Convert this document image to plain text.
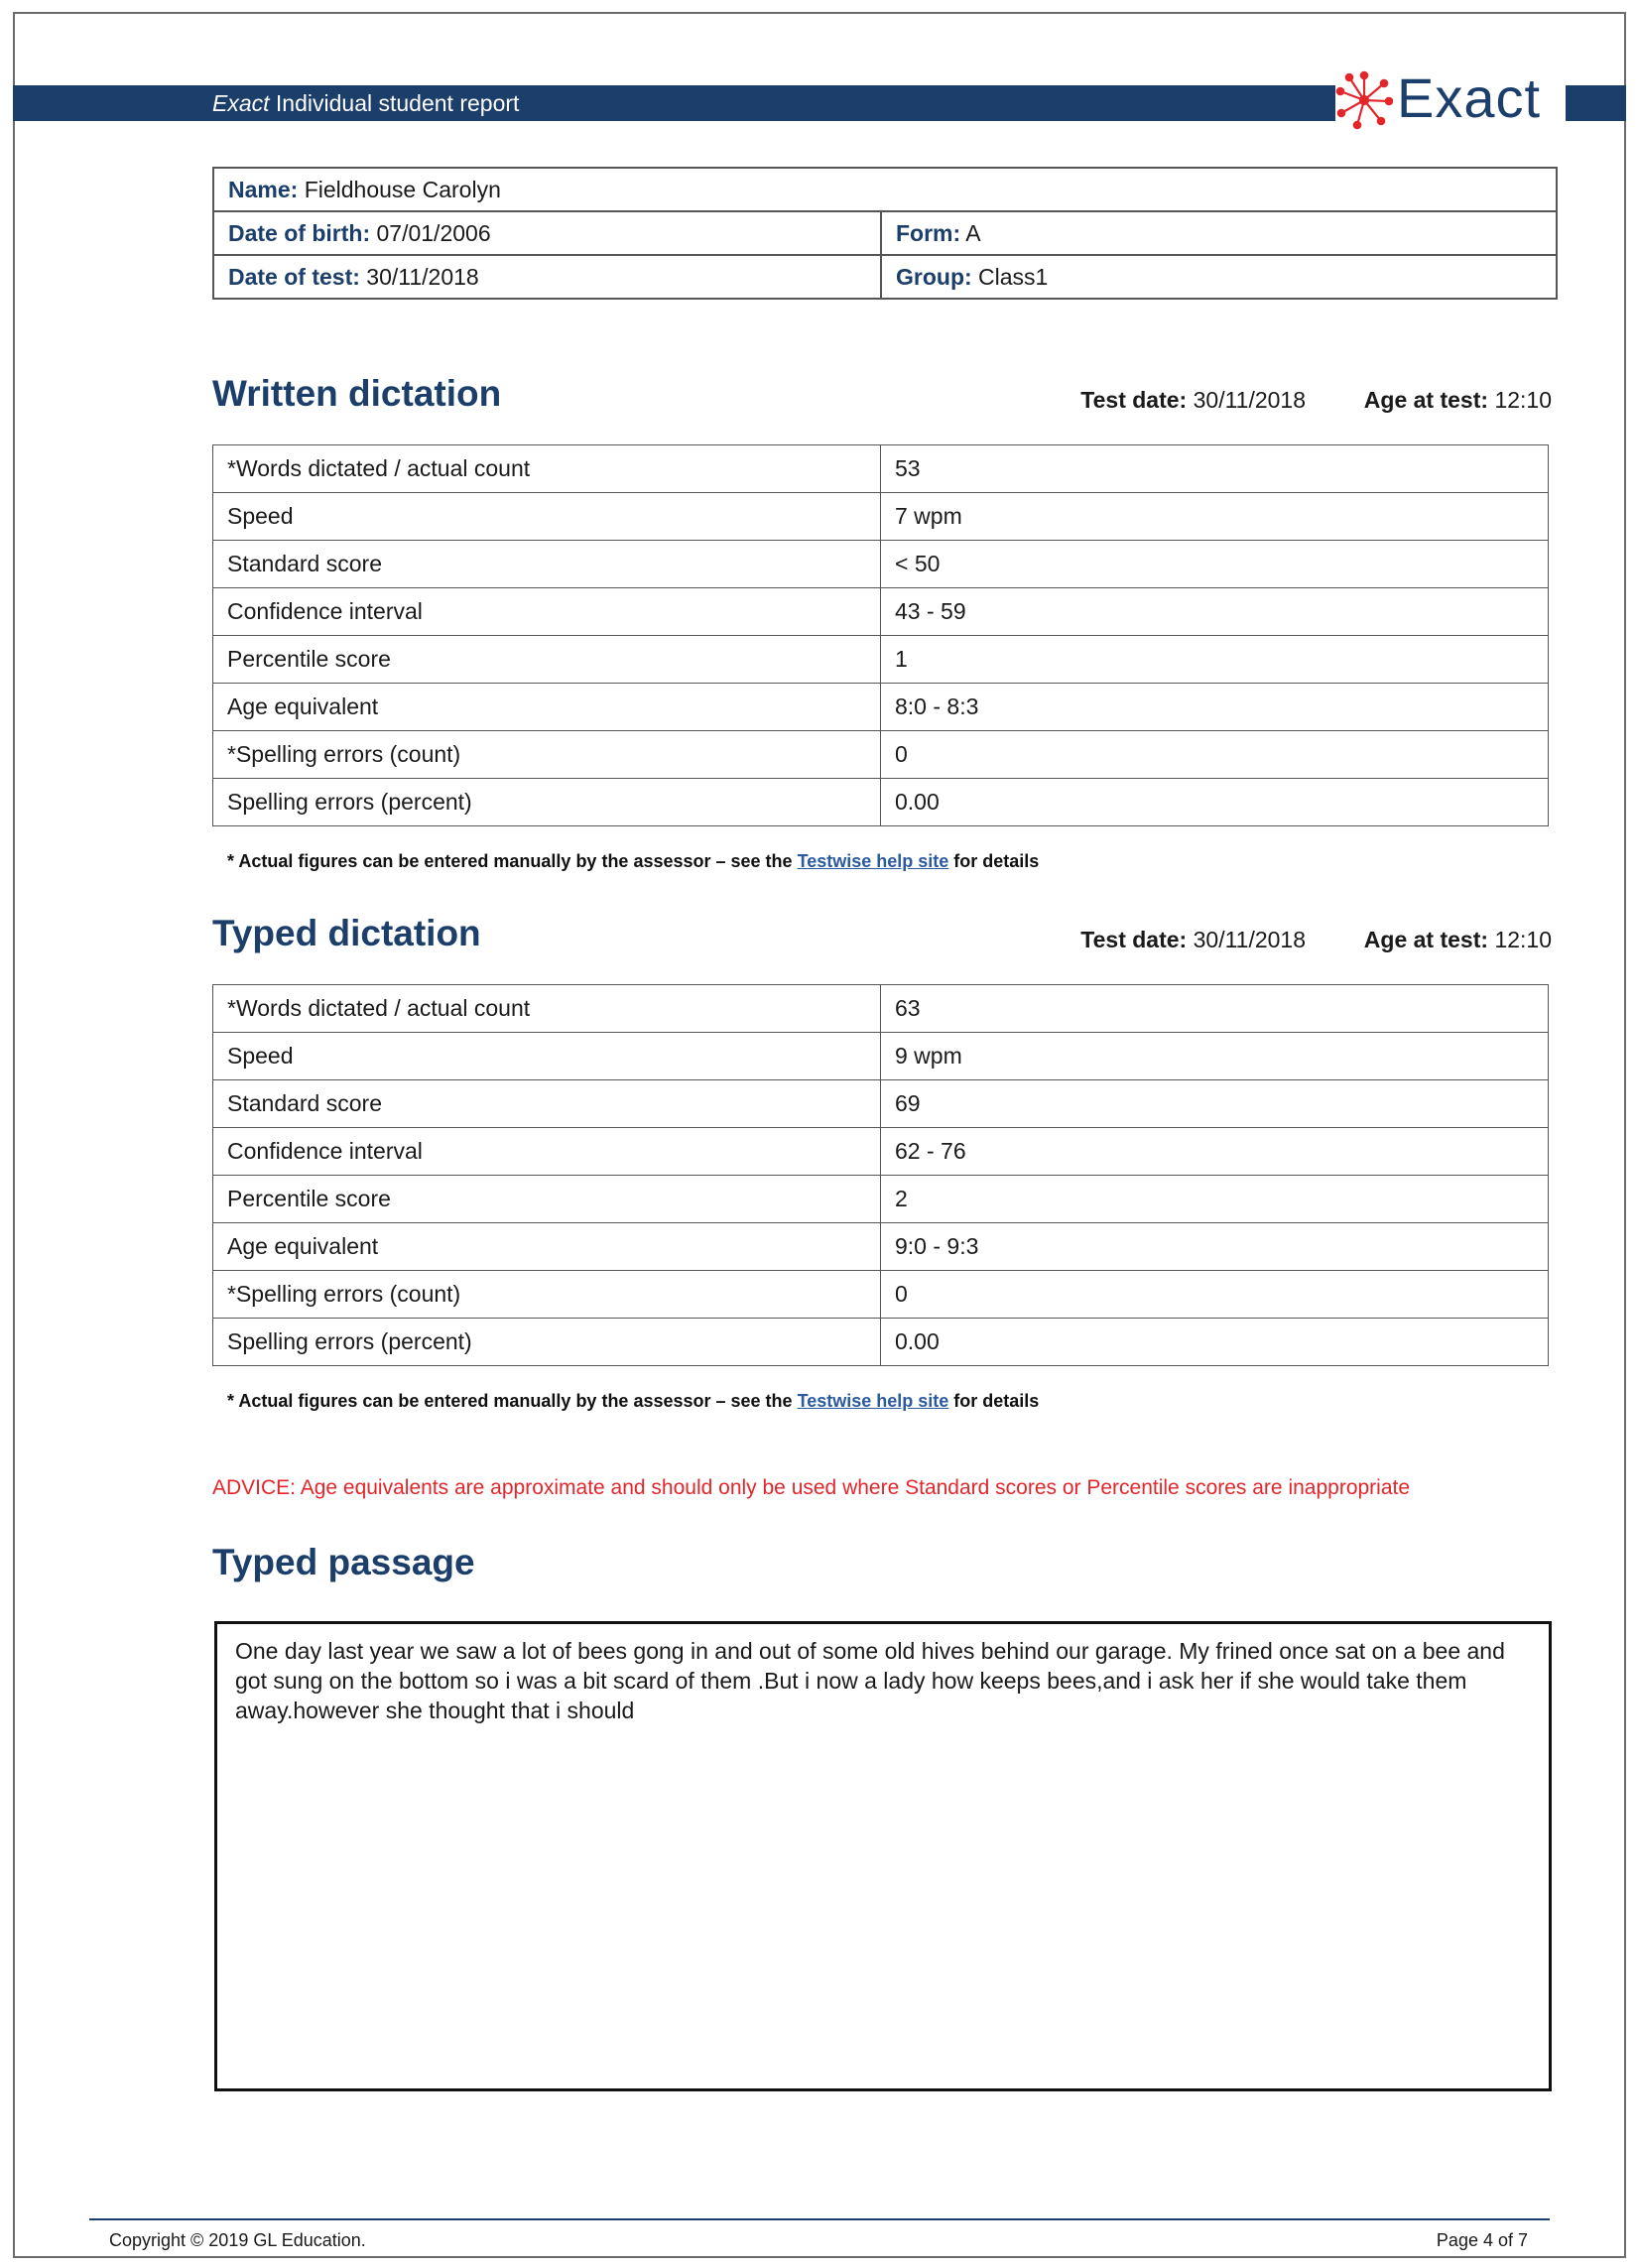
Exact Individual student report	Exact
Name: Fieldhouse Carolyn	
Date of birth: 07/01/2006	Form: A
Date of test: 30/11/2018	Group: Class1
Written dictation	Test date: 30/11/2018	Age at test: 12:10
*Words dictated / actual count	53
Speed	7 wpm
Standard score	< 50
Confidence interval	43 - 59
Percentile score	1
Age equivalent	8:0 - 8:3
*Spelling errors (count)	0
Spelling errors (percent)	0.00
* Actual figures can be entered manually by the assessor – see the Testwise help site for details
Typed dictation	Test date: 30/11/2018	Age at test: 12:10
*Words dictated / actual count	63
Speed	9 wpm
Standard score	69
Confidence interval	62 - 76
Percentile score	2
Age equivalent	9:0 - 9:3
*Spelling errors (count)	0
Spelling errors (percent)	0.00
* Actual figures can be entered manually by the assessor – see the Testwise help site for details
ADVICE: Age equivalents are approximate and should only be used where Standard scores or Percentile scores are inappropriate
Typed passage
One day last year we saw a lot of bees gong in and out of some old hives behind our garage. My frined once sat on a bee and got sung on the bottom so i was a bit scard of them .But i now a lady how keeps bees,and i ask her if she would take them away.however she thought that i should
Copyright © 2019 GL Education.	Page 4 of 7
